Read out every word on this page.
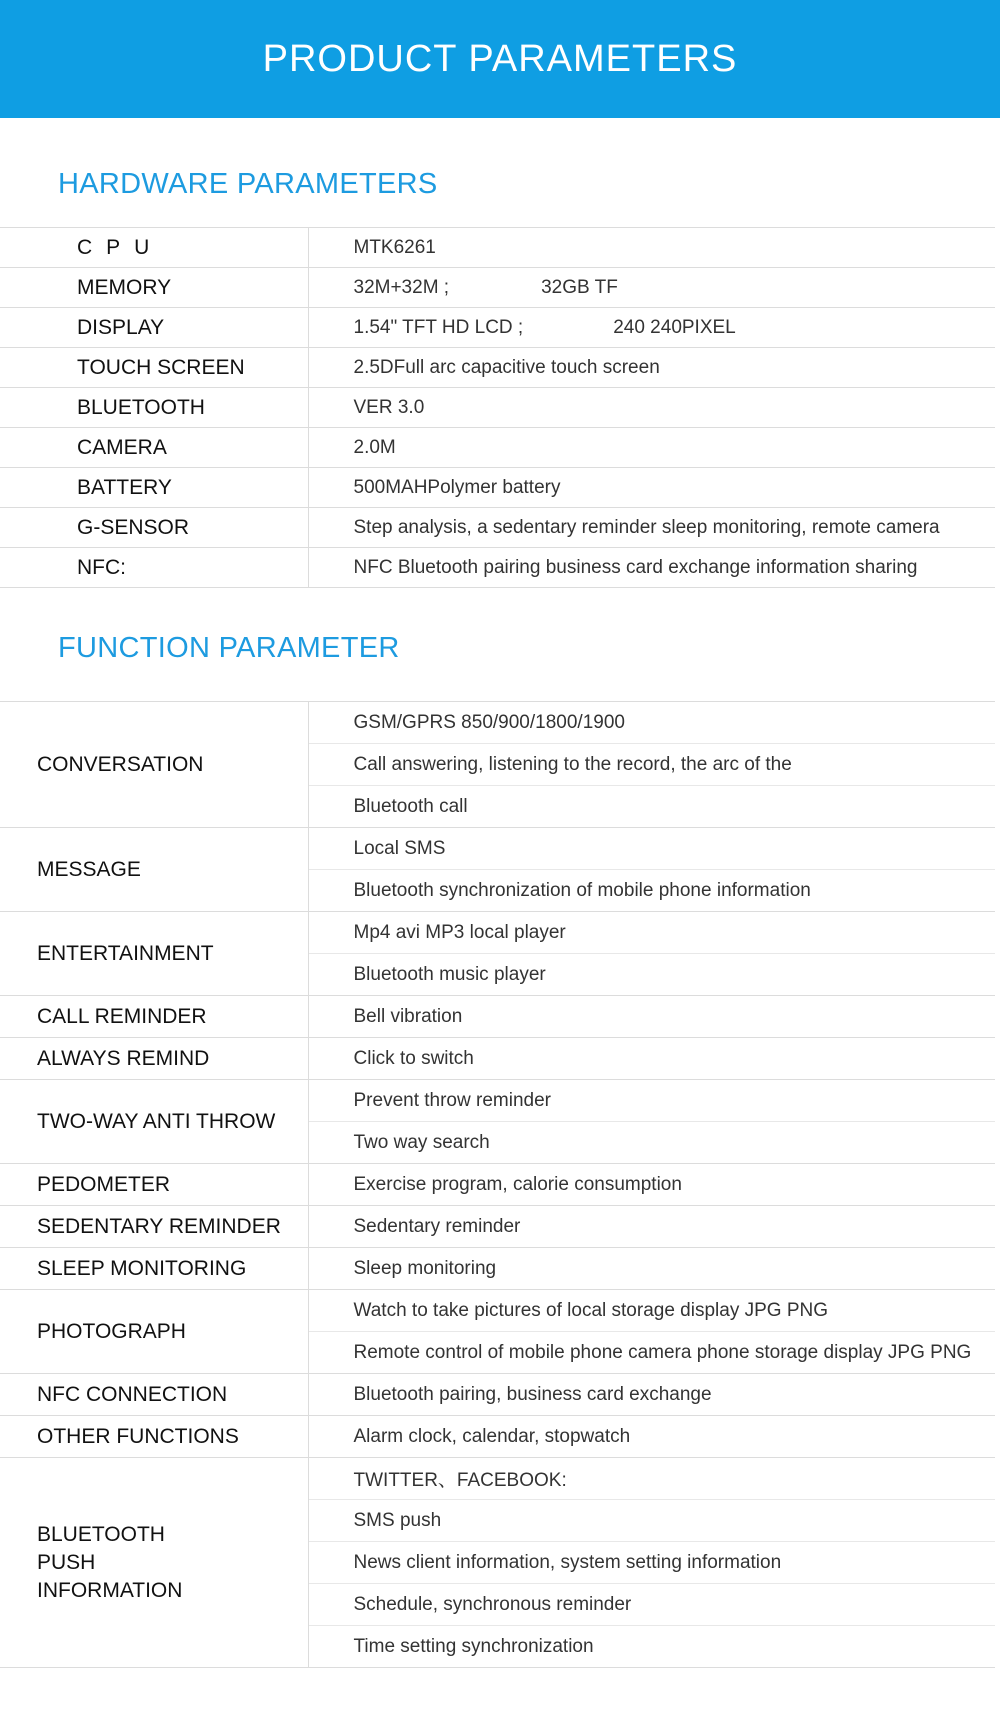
PRODUCT PARAMETERS
HARDWARE PARAMETERS
CPU	MTK6261
MEMORY	32M+32M ; 32GB TF
DISPLAY	1.54" TFT HD LCD ; 240 240PIXEL
TOUCH SCREEN	2.5DFull arc capacitive touch screen
BLUETOOTH	VER 3.0
CAMERA	2.0M
BATTERY	500MAHPolymer battery
G-SENSOR	Step analysis, a sedentary reminder sleep monitoring, remote camera
NFC:	NFC Bluetooth pairing business card exchange information sharing
FUNCTION PARAMETER
CONVERSATION	GSM/GPRS 850/900/1800/1900
	Call answering, listening to the record, the arc of the
	Bluetooth call
MESSAGE	Local SMS
	Bluetooth synchronization of mobile phone information
ENTERTAINMENT	Mp4 avi MP3 local player
	Bluetooth music player
CALL REMINDER	Bell vibration
ALWAYS REMIND	Click to switch
TWO-WAY ANTI THROW	Prevent throw reminder
	Two way search
PEDOMETER	Exercise program, calorie consumption
SEDENTARY REMINDER	Sedentary reminder
SLEEP MONITORING	Sleep monitoring
PHOTOGRAPH	Watch to take pictures of local storage display JPG PNG
	Remote control of mobile phone camera phone storage display JPG PNG
NFC CONNECTION	Bluetooth pairing, business card exchange
OTHER FUNCTIONS	Alarm clock, calendar, stopwatch
BLUETOOTH PUSH INFORMATION	TWITTER、FACEBOOK:
	SMS push
	News client information, system setting information
	Schedule, synchronous reminder
	Time setting synchronization
